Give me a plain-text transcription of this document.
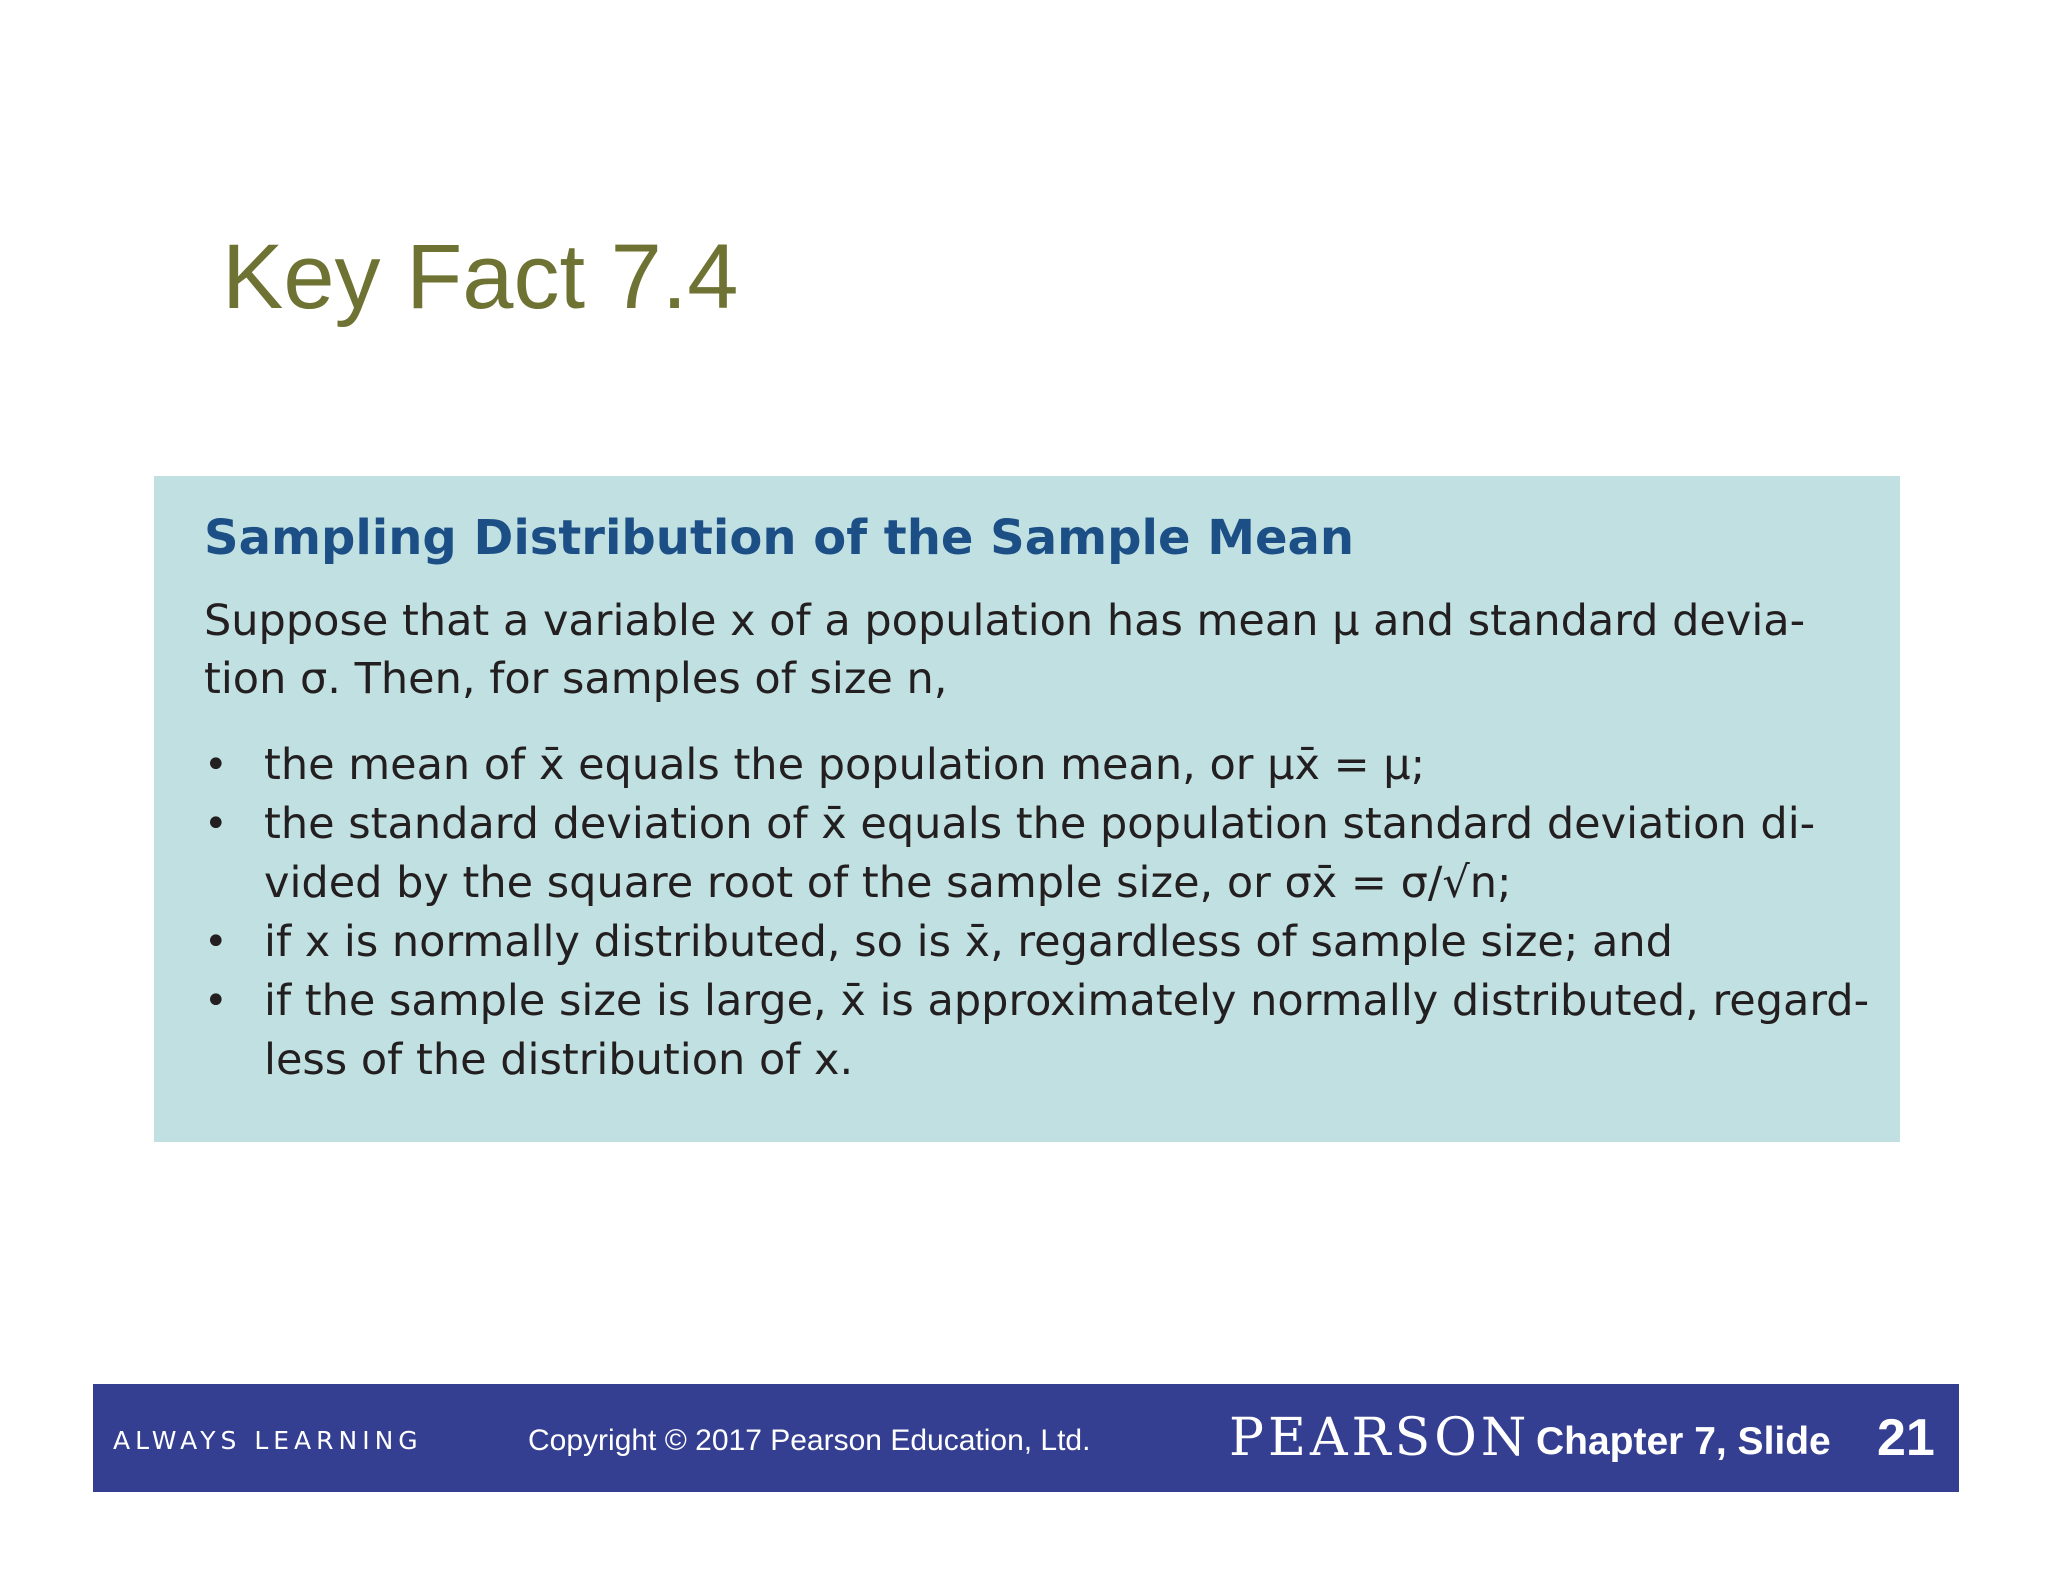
Key Fact 7.4
Sampling Distribution of the Sample Mean

Suppose that a variable x of a population has mean μ and standard devia-
tion σ. Then, for samples of size n,

• the mean of x̄ equals the population mean, or μx̄ = μ;
• the standard deviation of x̄ equals the population standard deviation di-
vided by the square root of the sample size, or σx̄ = σ/√n;
• if x is normally distributed, so is x̄, regardless of sample size; and
• if the sample size is large, x̄ is approximately normally distributed, regard-
less of the distribution of x.
ALWAYS LEARNING	Copyright © 2017 Pearson Education, Ltd.	PEARSON Chapter 7, Slide 21
